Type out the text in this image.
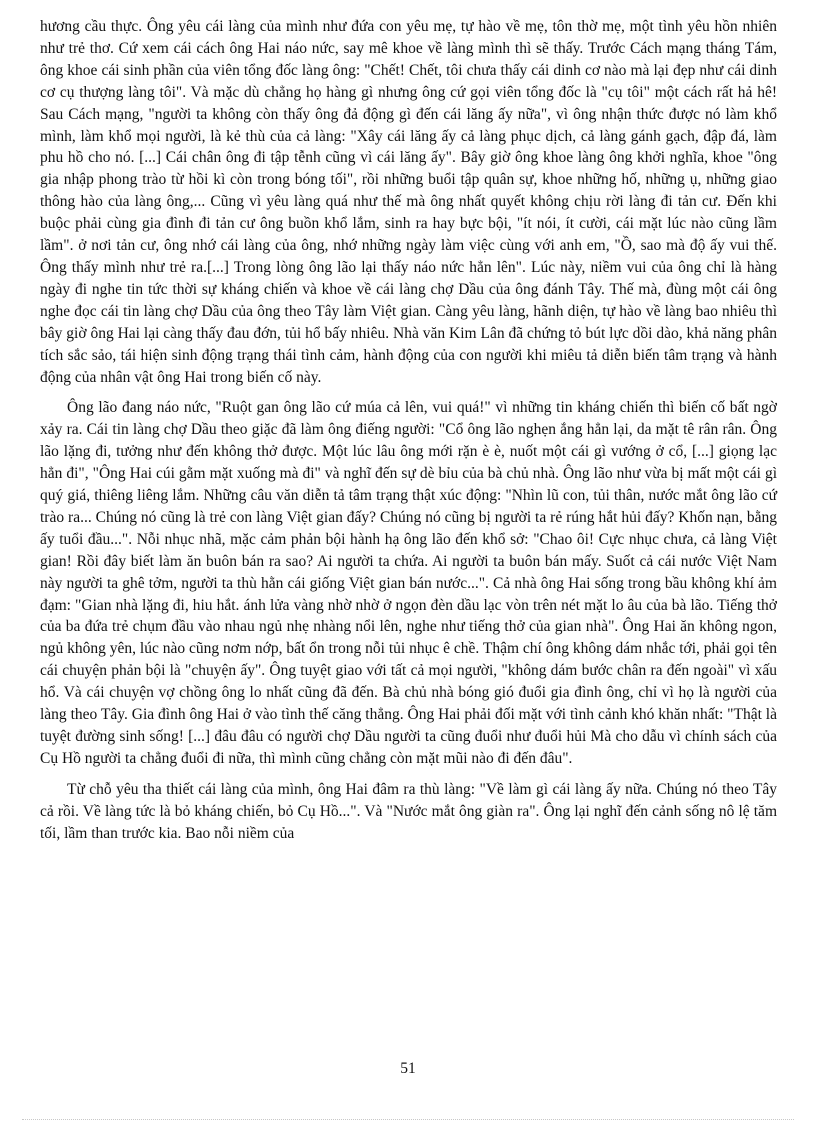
hương cầu thực. Ông yêu cái làng của mình như đứa con yêu mẹ, tự hào về mẹ, tôn thờ mẹ, một tình yêu hồn nhiên như trẻ thơ. Cứ xem cái cách ông Hai náo nức, say mê khoe về làng mình thì sẽ thấy. Trước Cách mạng tháng Tám, ông khoe cái sinh phần của viên tổng đốc làng ông: "Chết! Chết, tôi chưa thấy cái dinh cơ nào mà lại đẹp như cái dinh cơ cụ thượng làng tôi". Và mặc dù chẳng họ hàng gì nhưng ông cứ gọi viên tổng đốc là "cụ tôi" một cách rất hả hê! Sau Cách mạng, "người ta không còn thấy ông đả động gì đến cái lăng ấy nữa", vì ông nhận thức được nó làm khổ mình, làm khổ mọi người, là kẻ thù của cả làng: "Xây cái lăng ấy cả làng phục dịch, cả làng gánh gạch, đập đá, làm phu hồ cho nó. [...] Cái chân ông đi tập tễnh cũng vì cái lăng ấy". Bây giờ ông khoe làng ông khởi nghĩa, khoe "ông gia nhập phong trào từ hồi kì còn trong bóng tối", rồi những buổi tập quân sự, khoe những hố, những ụ, những giao thông hào của làng ông,... Cũng vì yêu làng quá như thế mà ông nhất quyết không chịu rời làng đi tản cư. Đến khi buộc phải cùng gia đình đi tản cư ông buồn khổ lắm, sinh ra hay bực bội, "ít nói, ít cười, cái mặt lúc nào cũng lầm lầm". ở nơi tản cư, ông nhớ cái làng của ông, nhớ những ngày làm việc cùng với anh em, "Ồ, sao mà độ ấy vui thế. Ông thấy mình như trẻ ra.[...] Trong lòng ông lão lại thấy náo nức hẳn lên". Lúc này, niềm vui của ông chỉ là hàng ngày đi nghe tin tức thời sự kháng chiến và khoe về cái làng chợ Dầu của ông đánh Tây. Thế mà, đùng một cái ông nghe đọc cái tin làng chợ Dầu của ông theo Tây làm Việt gian. Càng yêu làng, hãnh diện, tự hào về làng bao nhiêu thì bây giờ ông Hai lại càng thấy đau đớn, tủi hổ bấy nhiêu. Nhà văn Kim Lân đã chứng tỏ bút lực dồi dào, khả năng phân tích sắc sảo, tái hiện sinh động trạng thái tình cảm, hành động của con người khi miêu tả diễn biến tâm trạng và hành động của nhân vật ông Hai trong biến cố này.

Ông lão đang náo nức, "Ruột gan ông lão cứ múa cả lên, vui quá!" vì những tin kháng chiến thì biến cố bất ngờ xảy ra. Cái tin làng chợ Dầu theo giặc đã làm ông điếng người: "Cổ ông lão nghẹn ắng hẳn lại, da mặt tê rân rân. Ông lão lặng đi, tưởng như đến không thở được. Một lúc lâu ông mới rặn è è, nuốt một cái gì vướng ở cổ, [...] giọng lạc hẳn đi", "Ông Hai cúi gằm mặt xuống mà đi" và nghĩ đến sự dè bỉu của bà chủ nhà. Ông lão như vừa bị mất một cái gì quý giá, thiêng liêng lắm. Những câu văn diễn tả tâm trạng thật xúc động: "Nhìn lũ con, tủi thân, nước mắt ông lão cứ trào ra... Chúng nó cũng là trẻ con làng Việt gian đấy? Chúng nó cũng bị người ta rẻ rúng hắt hủi đấy? Khốn nạn, bằng ấy tuổi đầu...". Nỗi nhục nhã, mặc cảm phản bội hành hạ ông lão đến khổ sở: "Chao ôi! Cực nhục chưa, cả làng Việt gian! Rồi đây biết làm ăn buôn bán ra sao? Ai người ta chứa. Ai người ta buôn bán mấy. Suốt cả cái nước Việt Nam này người ta ghê tởm, người ta thù hằn cái giống Việt gian bán nước...". Cả nhà ông Hai sống trong bầu không khí ảm đạm: "Gian nhà lặng đi, hiu hắt. ánh lửa vàng nhờ nhờ ở ngọn đèn dầu lạc vòn trên nét mặt lo âu của bà lão. Tiếng thở của ba đứa trẻ chụm đầu vào nhau ngủ nhẹ nhàng nổi lên, nghe như tiếng thở của gian nhà". Ông Hai ăn không ngon, ngủ không yên, lúc nào cũng nơm nớp, bất ổn trong nỗi tủi nhục ê chề. Thậm chí ông không dám nhắc tới, phải gọi tên cái chuyện phản bội là "chuyện ấy". Ông tuyệt giao với tất cả mọi người, "không dám bước chân ra đến ngoài" vì xấu hổ. Và cái chuyện vợ chồng ông lo nhất cũng đã đến. Bà chủ nhà bóng gió đuổi gia đình ông, chỉ vì họ là người của làng theo Tây. Gia đình ông Hai ở vào tình thế căng thẳng. Ông Hai phải đối mặt với tình cảnh khó khăn nhất: "Thật là tuyệt đường sinh sống! [...] đâu đâu có người chợ Dầu người ta cũng đuổi như đuổi hủi Mà cho dẫu vì chính sách của Cụ Hồ người ta chẳng đuổi đi nữa, thì mình cũng chẳng còn mặt mũi nào đi đến đâu".

Từ chỗ yêu tha thiết cái làng của mình, ông Hai đâm ra thù làng: "Về làm gì cái làng ấy nữa. Chúng nó theo Tây cả rồi. Về làng tức là bỏ kháng chiến, bỏ Cụ Hồ...". Và "Nước mắt ông giàn ra". Ông lại nghĩ đến cảnh sống nô lệ tăm tối, lầm than trước kia. Bao nỗi niềm của

51
